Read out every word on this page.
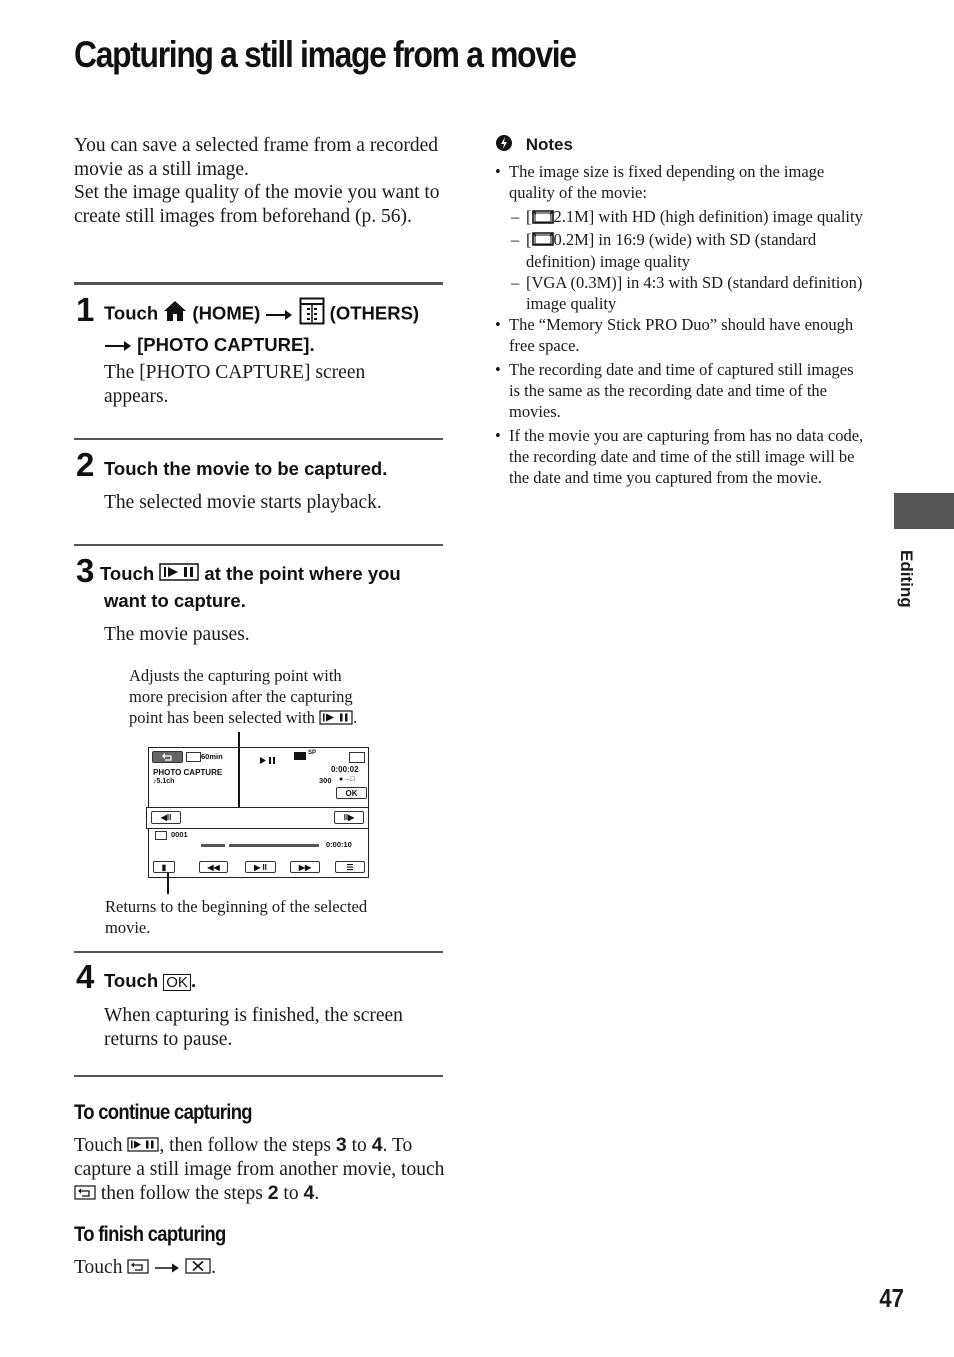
Capturing a still image from a movie

You can save a selected frame from a recorded movie as a still image.

Set the image quality of the movie you want to create still images from beforehand (p. 56).

1 Touch (HOME)	(OTHERS)
[PHOTO CAPTURE].
The [PHOTO CAPTURE] screen appears.
2 Touch the movie to be captured.
The selected movie starts playback.
3 Touch	at the point where you
want to capture.
The movie pauses.
Adjusts the capturing point with
more precision after the capturing
point has been selected with .
60min
PHOTO CAPTURE
♪5.1ch
SP
0:00:02
300 ●→□
OK
◀II	II▶
0001
0:00:10
▮	◀◀	▶ II	▶▶	☰
Returns to the beginning of the selected movie.
4 Touch OK .
When capturing is finished, the screen returns to pause.
To continue capturing
Touch , then follow the steps 3 to 4. To capture a still image from another movie, touch  then follow the steps 2 to 4.
To finish capturing
Touch	.
Notes
• The image size is fixed depending on the image quality of the movie:
– [ 2.1M] with HD (high definition) image quality
– [ 0.2M] in 16:9 (wide) with SD (standard definition) image quality
– [VGA (0.3M)] in 4:3 with SD (standard definition) image quality
• The “Memory Stick PRO Duo” should have enough free space.
• The recording date and time of captured still images is the same as the recording date and time of the movies.
• If the movie you are capturing from has no data code, the recording date and time of the still image will be the date and time you captured from the movie.
Editing
47
